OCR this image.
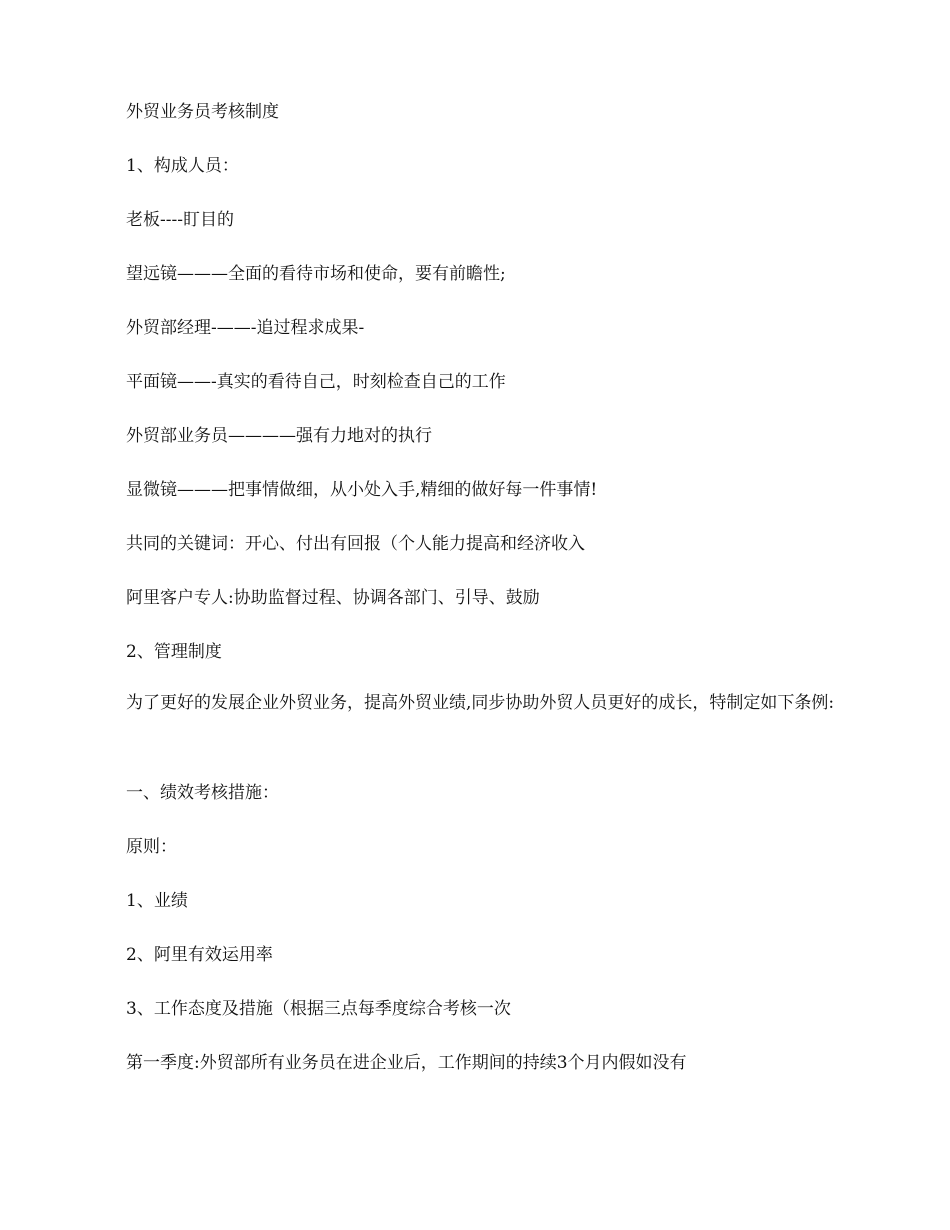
外贸业务员考核制度

1、构成人员：

老板----盯目的

望远镜———全面的看待市场和使命，要有前瞻性;

外贸部经理-——-追过程求成果-

平面镜——-真实的看待自己，时刻检查自己的工作

外贸部业务员————强有力地对的执行

显微镜———把事情做细，从小处入手,精细的做好每一件事情!

共同的关键词：开心、付出有回报（个人能力提高和经济收入

阿里客户专人:协助监督过程、协调各部门、引导、鼓励

2、管理制度

为了更好的发展企业外贸业务，提高外贸业绩,同步协助外贸人员更好的成长，特制定如下条例:

一、绩效考核措施：

原则：

1、业绩

2、阿里有效运用率

3、工作态度及措施（根据三点每季度综合考核一次

第一季度:外贸部所有业务员在进企业后，工作期间的持续3个月内假如没有
